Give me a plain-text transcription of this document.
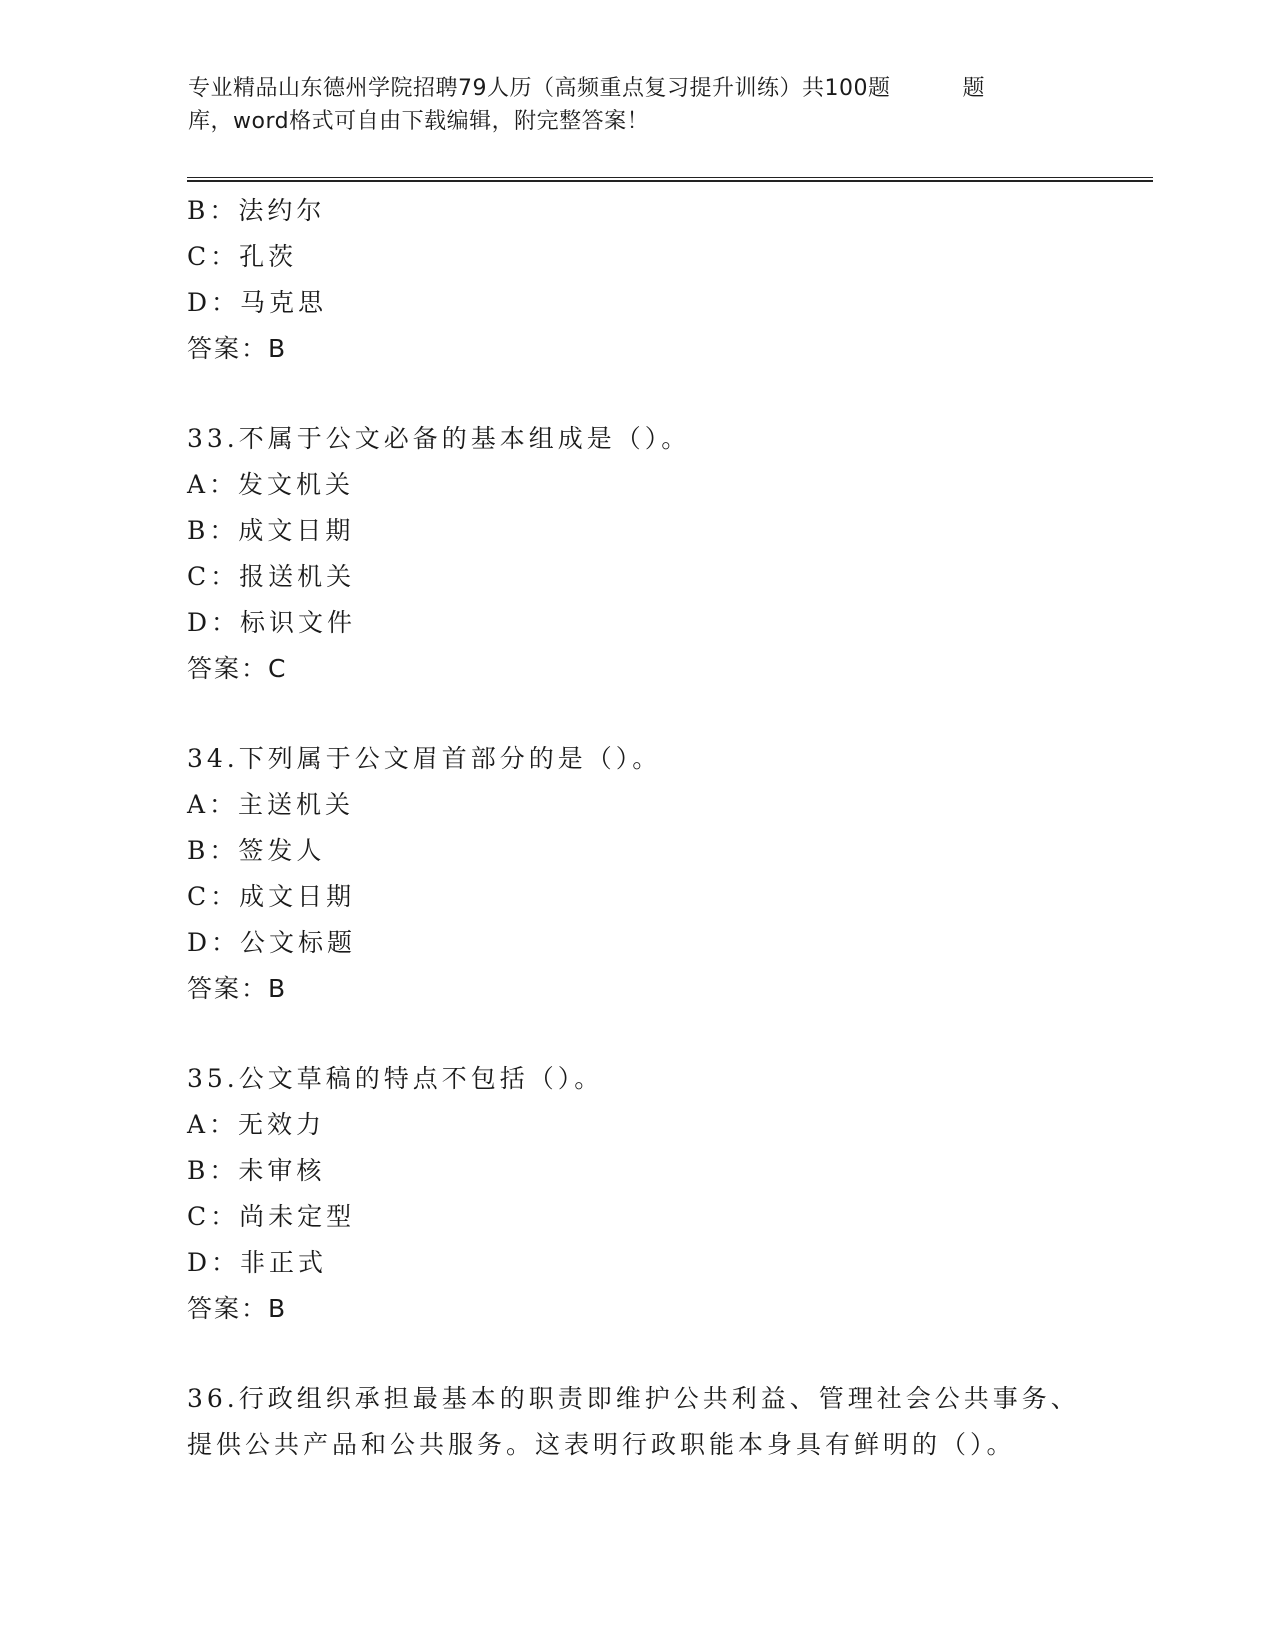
专业精品山东德州学院招聘79人历（高频重点复习提升训练）共100题	题
库，word格式可自由下载编辑，附完整答案！
B：法约尔
C：孔茨
D：马克思
答案：B
33.不属于公文必备的基本组成是（）。
A：发文机关
B：成文日期
C：报送机关
D：标识文件
答案：C
34.下列属于公文眉首部分的是（）。
A：主送机关
B：签发人
C：成文日期
D：公文标题
答案：B
35.公文草稿的特点不包括（）。
A：无效力
B：未审核
C：尚未定型
D：非正式
答案：B
36.行政组织承担最基本的职责即维护公共利益、管理社会公共事务、
提供公共产品和公共服务。这表明行政职能本身具有鲜明的（）。
